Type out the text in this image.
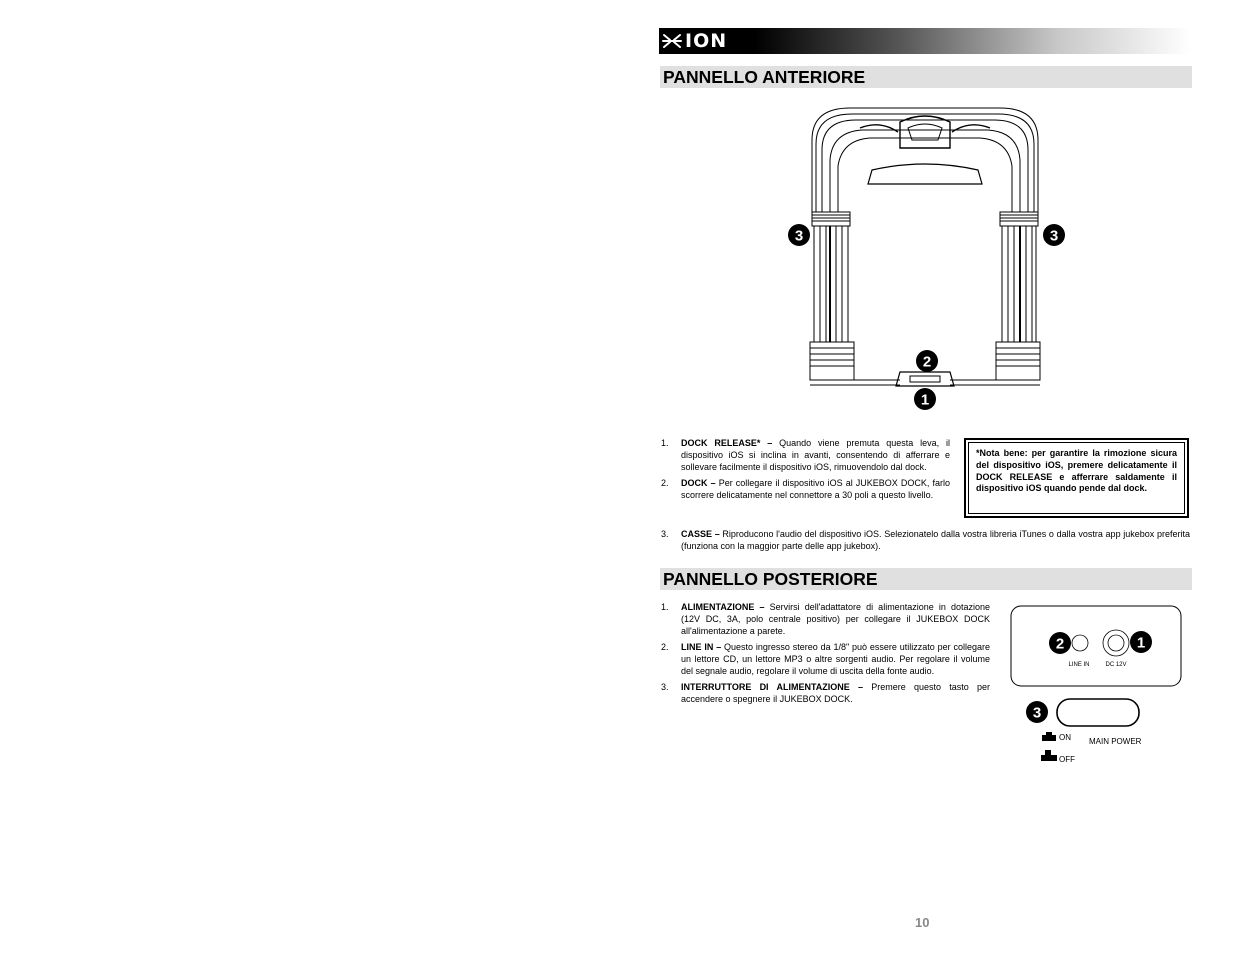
ION
PANNELLO ANTERIORE
3	3
2
1
1. DOCK RELEASE* – Quando viene premuta questa leva, il dispositivo iOS si inclina in avanti, consentendo di afferrare e sollevare facilmente il dispositivo iOS, rimuovendolo dal dock.
2. DOCK – Per collegare il dispositivo iOS al JUKEBOX DOCK, farlo scorrere delicatamente nel connettore a 30 poli a questo livello.
*Nota bene: per garantire la rimozione sicura del dispositivo iOS, premere delicatamente il DOCK RELEASE e afferrare saldamente il dispositivo iOS quando pende dal dock.
3. CASSE – Riproducono l'audio del dispositivo iOS. Selezionatelo dalla vostra libreria iTunes o dalla vostra app jukebox preferita (funziona con la maggior parte delle app jukebox).
PANNELLO POSTERIORE
1. ALIMENTAZIONE – Servirsi dell'adattatore di alimentazione in dotazione (12V DC, 3A, polo centrale positivo) per collegare il JUKEBOX DOCK all'alimentazione a parete.
2. LINE IN – Questo ingresso stereo da 1/8" può essere utilizzato per collegare un lettore CD, un lettore MP3 o altre sorgenti audio. Per regolare il volume del segnale audio, regolare il volume di uscita della fonte audio.
3. INTERRUTTORE DI ALIMENTAZIONE – Premere questo tasto per accendere o spegnere il JUKEBOX DOCK.
2
LINE IN	DC 12V
1
3
ON MAIN POWER
OFF
10
